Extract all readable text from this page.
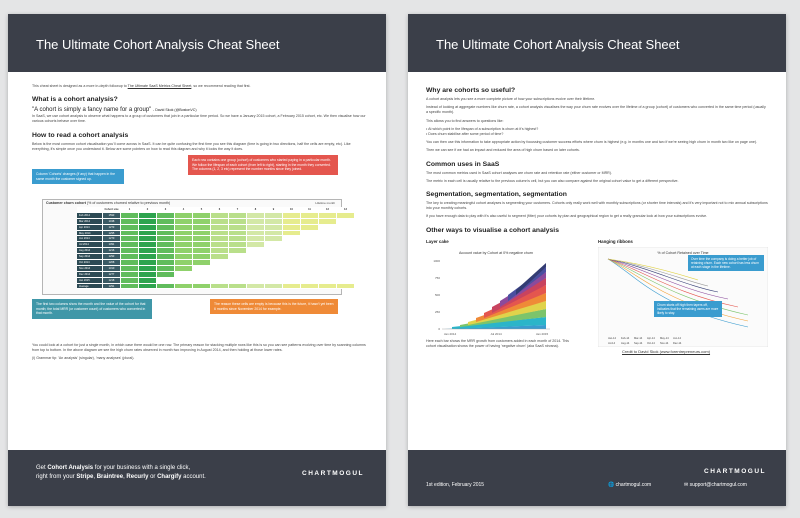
The Ultimate Cohort Analysis Cheat Sheet

This cheat sheet is designed as a more in-depth followup to The Ultimate SaaS Metrics Cheat Sheet, so we recommend reading that first.

What is a cohort analysis?
"A cohort is simply a fancy name for a group" - David Skok (@BostonVC)

In SaaS, we use cohort analysis to observe what happens to a group of customers that join in a particular time period. So we have a January 2015 cohort, a February 2015 cohort, etc. We then visualise how our various cohorts behave over time.

How to read a cohort analysis

Below is the most common cohort visualisation you'll come across in SaaS. It can be quite confusing the first time you see this diagram (time is going in two directions, half the cells are empty, etc). Like everything, it's simple once you understand it. Below are some pointers on how to read this diagram and why it looks the way it does.

Column 'Cohorts' changes (if any) that happen in the same month the customer signed up.
Each row contains one group (cohort) of customers who started paying in a particular month. We follow the lifespan of each cohort (from left to right), starting in the month they converted. The columns (1, 2, 3 etc) represent the number months since they joined.
Customer churn cohort (% of customers churned relative to previous month)	Lifetime month
Cohort size	1	2	3	4	5	6	7	8	9	10	11	12	13
Feb 2014	1593
Mar 2014	1438
Apr 2014	1273
May 2014	1295
Jun 2014	1270
Jul 2014	1391
Aug 2014	1216
Sep 2014	1293
Oct 2014	1208
Nov 2014	1310
Dec 2014	1277
Jan 2015	1218
Average	1291
The first two columns show the month and the value of the cohort for that month; the total MRR (or customer count) of customers who converted in that month.
The reason these cells are empty is because this is the future, it hasn't yet been 6 months since November 2014 for example.

You could look at a cohort for just a single month, in which case there would be one row. The primary reason for stacking multiple rows like this is so you can see patterns evolving over time by scanning columns from top to bottom. In the above diagram we see the high churn rates observed in month two improving in August 2014, and then holding at those lower rates.

(i) Grammar tip: 'An analysis' (singular), 'many analyses' (plural).

Get Cohort Analysis for your business with a single click,
right from your Stripe, Braintree, Recurly or Chargify account.	CHARTMOGUL
The Ultimate Cohort Analysis Cheat Sheet
Why are cohorts so useful?

A cohort analysis lets you see a more complete picture of how your subscriptions evolve over their lifetime.

Instead of looking at aggregate numbers like churn rate, a cohort analysis visualises the way your churn rate evolves over the lifetime of a group (cohort) of customers who converted in the same time period (usually a specific month).

This allows you to find answers to questions like:

• At which point in the lifespan of a subscription is churn at it's highest?
• Does churn stabilise after some period of time?

You can then use this information to take appropriate action by focussing customer success efforts where churn is highest (e.g. in months one and two if we're seeing high churn in month two like on page one).

Then we can see if we had an impact and reduced the area of high churn based on later cohorts.

Common uses in SaaS

The most common metrics used in SaaS cohort analyses are churn rate and retention rate (either customer or MRR).

The metric in each cell is usually relative to the previous column's cell, but you can also compare against the original cohort value to get a different perspective.

Segmentation, segmentation, segmentation

The key to creating meaningful cohort analyses is segmenting your customers. Cohorts only really work well with monthly subscriptions (or shorter time intervals) and it's very important not to mix annual subscriptions into your monthly cohorts.

If you have enough data to play with it's also useful to segment (filter) your cohorts by plan and geographical region to get a really granular look at how your subscriptions evolve.

Other ways to visualise a cohort analysis
Layer cake
Account value by Cohort at 0% negative churn
1000
750
500
250
0
Jan 2014	Jul 2014	Jan 2015

Here each bar shows the MRR growth from customers added in each month of 2014. This cohort visualisation shows the power of having 'negative churn' (aka SaaS nirvana).

Hanging ribbons
% of Cohort Retained over Time
Jan-14 Feb-14 Mar-14 Apr-14 May-14 Jun-14
Jul-14 Aug-14 Sep-14 Oct-14 Nov-14 Dec-14
Over time the company is doing a better job of retaining churn. Each new cohort has less churn at each stage in the lifetime.
Churn starts off high then tapers off, indicates that the remaining users are more likely to stay.
Credit to David Skok (www.forentrepreneurs.com)
CHARTMOGUL
1st edition, February 2015	🌐 chartmogul.com	✉ support@chartmogul.com
